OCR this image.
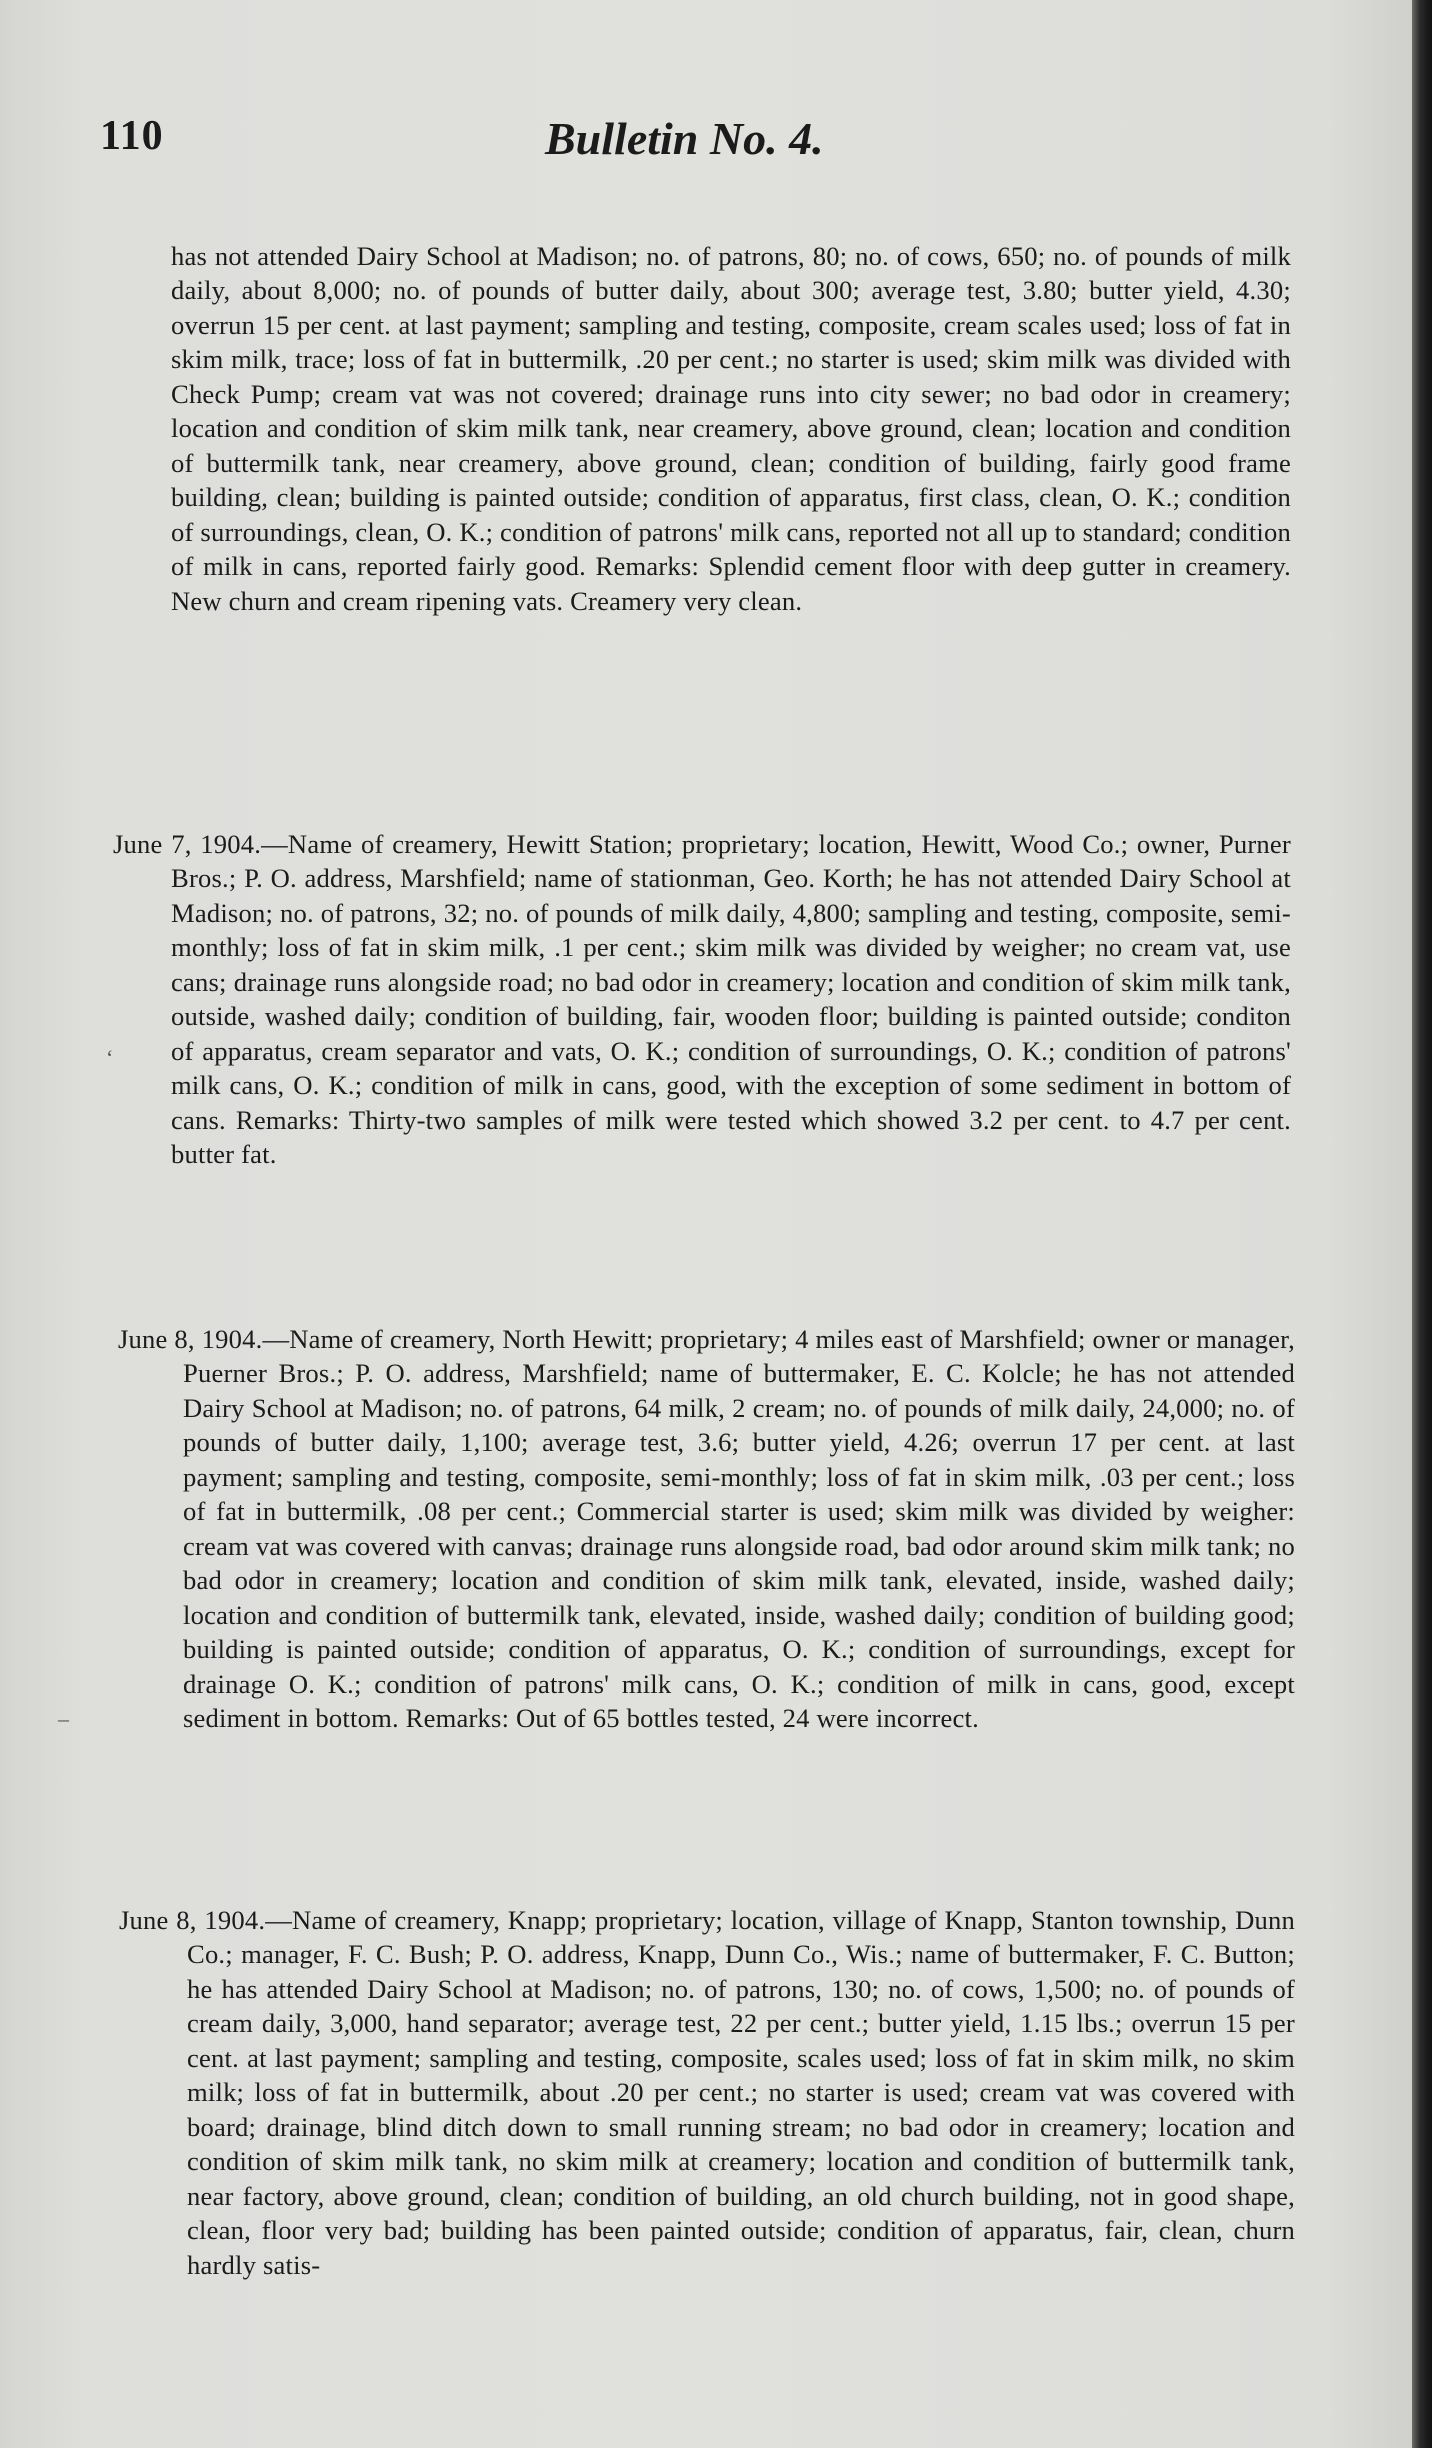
110	Bulletin No. 4.

has not attended Dairy School at Madison; no. of patrons, 80; no. of cows, 650; no. of pounds of milk daily, about 8,000; no. of pounds of butter daily, about 300; average test, 3.80; butter yield, 4.30; overrun 15 per cent. at last payment; sampling and testing, composite, cream scales used; loss of fat in skim milk, trace; loss of fat in buttermilk, .20 per cent.; no starter is used; skim milk was divided with Check Pump; cream vat was not covered; drainage runs into city sewer; no bad odor in creamery; location and condition of skim milk tank, near creamery, above ground, clean; location and condition of buttermilk tank, near creamery, above ground, clean; condition of building, fairly good frame building, clean; building is painted outside; condition of apparatus, first class, clean, O. K.; condition of surroundings, clean, O. K.; condition of patrons' milk cans, reported not all up to standard; condition of milk in cans, reported fairly good. Remarks: Splendid cement floor with deep gutter in creamery. New churn and cream ripening vats. Creamery very clean.

June 7, 1904.—Name of creamery, Hewitt Station; proprietary; location, Hewitt, Wood Co.; owner, Purner Bros.; P. O. address, Marshfield; name of stationman, Geo. Korth; he has not attended Dairy School at Madison; no. of patrons, 32; no. of pounds of milk daily, 4,800; sampling and testing, composite, semi-monthly; loss of fat in skim milk, .1 per cent.; skim milk was divided by weigher; no cream vat, use cans; drainage runs alongside road; no bad odor in creamery; location and condition of skim milk tank, outside, washed daily; condition of building, fair, wooden floor; building is painted outside; conditon of apparatus, cream separator and vats, O. K.; condition of surroundings, O. K.; condition of patrons' milk cans, O. K.; condition of milk in cans, good, with the exception of some sediment in bottom of cans. Remarks: Thirty-two samples of milk were tested which showed 3.2 per cent. to 4.7 per cent. butter fat.

June 8, 1904.—Name of creamery, North Hewitt; proprietary; 4 miles east of Marshfield; owner or manager, Puerner Bros.; P. O. address, Marshfield; name of buttermaker, E. C. Kolcle; he has not attended Dairy School at Madison; no. of patrons, 64 milk, 2 cream; no. of pounds of milk daily, 24,000; no. of pounds of butter daily, 1,100; average test, 3.6; butter yield, 4.26; overrun 17 per cent. at last payment; sampling and testing, composite, semi-monthly; loss of fat in skim milk, .03 per cent.; loss of fat in buttermilk, .08 per cent.; Commercial starter is used; skim milk was divided by weigher: cream vat was covered with canvas; drainage runs alongside road, bad odor around skim milk tank; no bad odor in creamery; location and condition of skim milk tank, elevated, inside, washed daily; location and condition of buttermilk tank, elevated, inside, washed daily; condition of building good; building is painted outside; condition of apparatus, O. K.; condition of surroundings, except for drainage O. K.; condition of patrons' milk cans, O. K.; condition of milk in cans, good, except sediment in bottom. Remarks: Out of 65 bottles tested, 24 were incorrect.

June 8, 1904.—Name of creamery, Knapp; proprietary; location, village of Knapp, Stanton township, Dunn Co.; manager, F. C. Bush; P. O. address, Knapp, Dunn Co., Wis.; name of buttermaker, F. C. Button; he has attended Dairy School at Madison; no. of patrons, 130; no. of cows, 1,500; no. of pounds of cream daily, 3,000, hand separator; average test, 22 per cent.; butter yield, 1.15 lbs.; overrun 15 per cent. at last payment; sampling and testing, composite, scales used; loss of fat in skim milk, no skim milk; loss of fat in buttermilk, about .20 per cent.; no starter is used; cream vat was covered with board; drainage, blind ditch down to small running stream; no bad odor in creamery; location and condition of skim milk tank, no skim milk at creamery; location and condition of buttermilk tank, near factory, above ground, clean; condition of building, an old church building, not in good shape, clean, floor very bad; building has been painted outside; condition of apparatus, fair, clean, churn hardly satis-

ʻ
–
